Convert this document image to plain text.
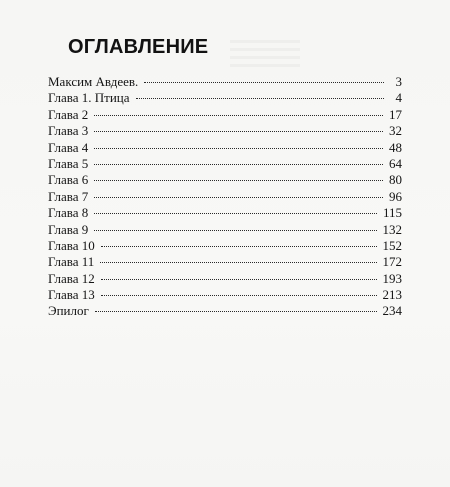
ОГЛАВЛЕНИЕ
Максим Авдеев.	3
Глава 1. Птица	4
Глава 2	17
Глава 3	32
Глава 4	48
Глава 5	64
Глава 6	80
Глава 7	96
Глава 8	115
Глава 9	132
Глава 10	152
Глава 11	172
Глава 12	193
Глава 13	213
Эпилог	234
